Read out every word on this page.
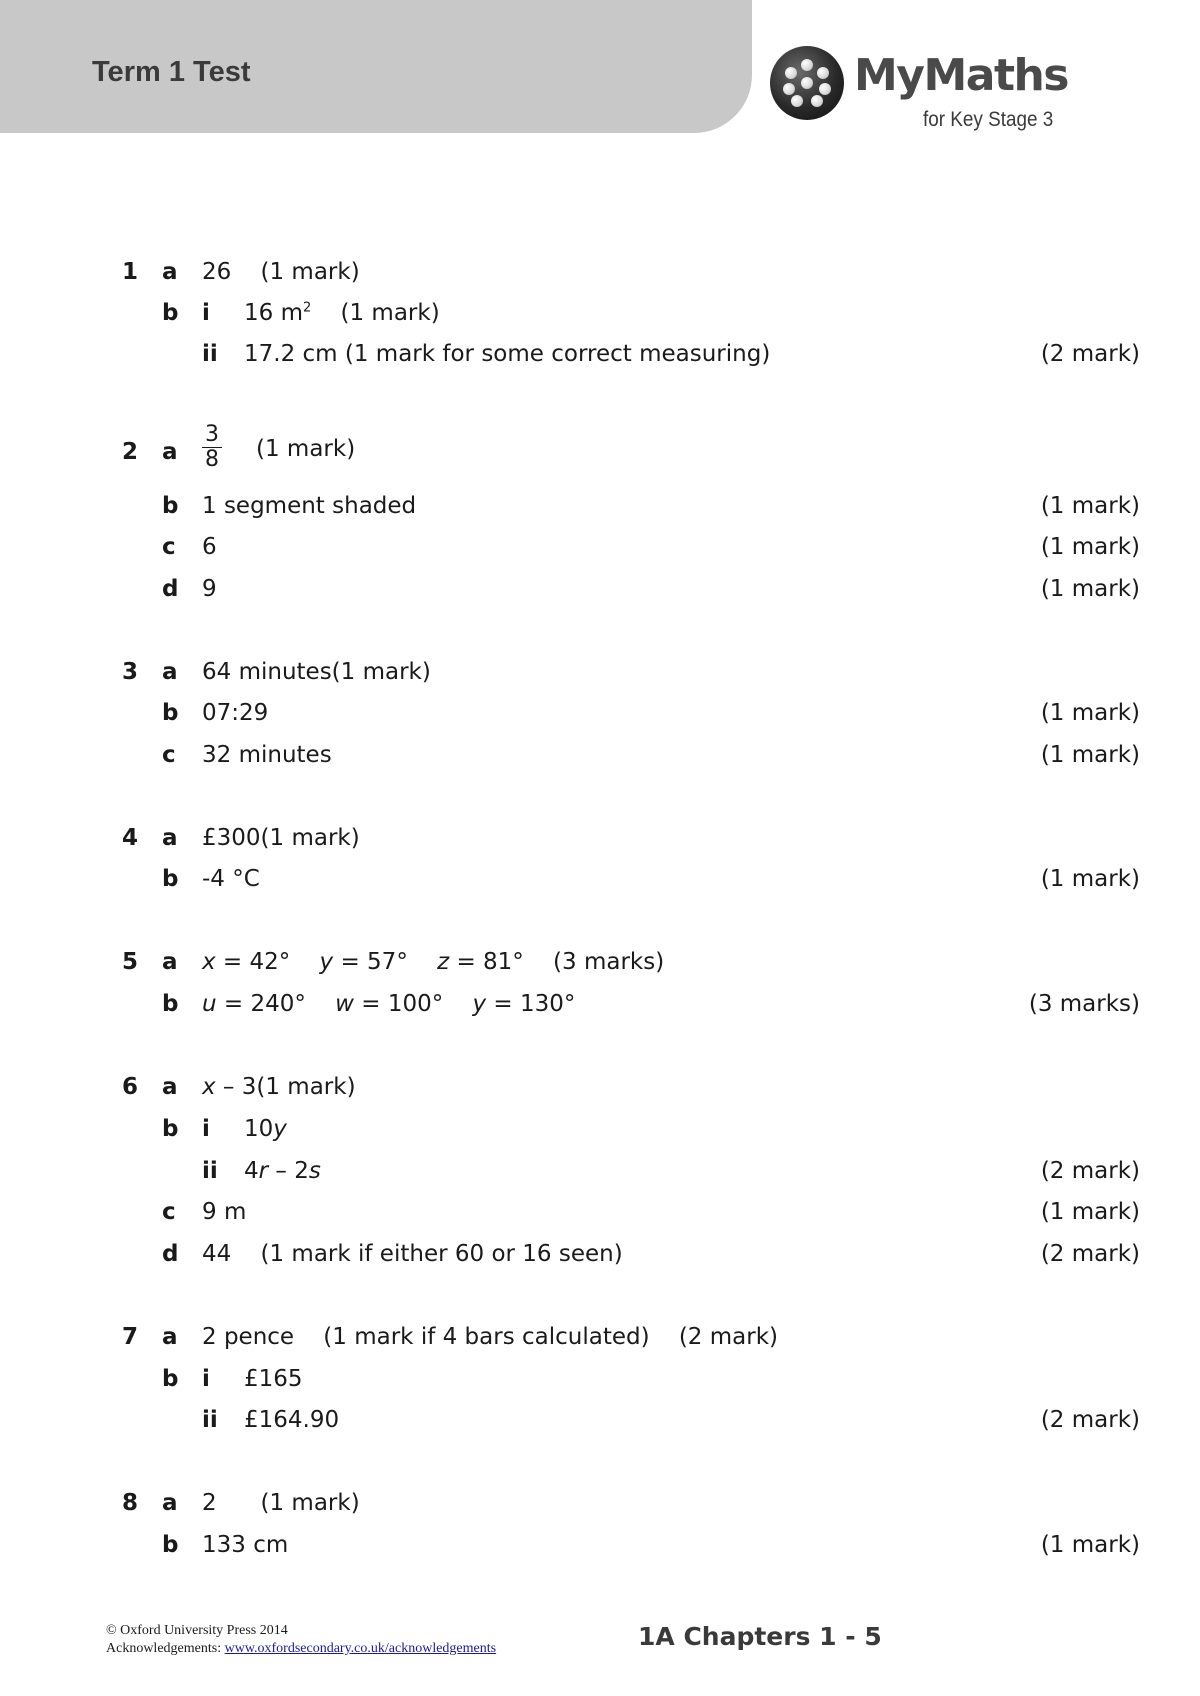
Term 1 Test	MyMaths
for Key Stage 3
1 a 26    (1 mark)
b i 16 $m^2$    (1 mark)
ii 17.2 cm (1 mark for some correct measuring)	(2 mark)
2 a $\frac{3}{8} (1$ mark)
b 1 segment shaded	(1 mark)
c 6	(1 mark)
d 9	(1 mark)
3 a 64 minutes(1 mark)
b 07:29	(1 mark)
c 32 minutes	(1 mark)
4 a £300(1 mark)
b -4 °C	(1 mark)
5 a x = 42°    y = 57°    z = 81°    (3 marks)
b u = 240°    w = 100°    y = 130°	(3 marks)
6 a x – 3(1 mark)
b i 10y
ii 4r – 2s	(2 mark)
c 9 m	(1 mark)
d 44    (1 mark if either 60 or 16 seen)	(2 mark)
7 a 2 pence    (1 mark if 4 bars calculated)    (2 mark)
b i £165
ii £164.90	(2 mark)
8 a 2      (1 mark)
b 133 cm	(1 mark)
© Oxford University Press 2014
Acknowledgements: www.oxfordsecondary.co.uk/acknowledgements	1A Chapters 1 - 5
